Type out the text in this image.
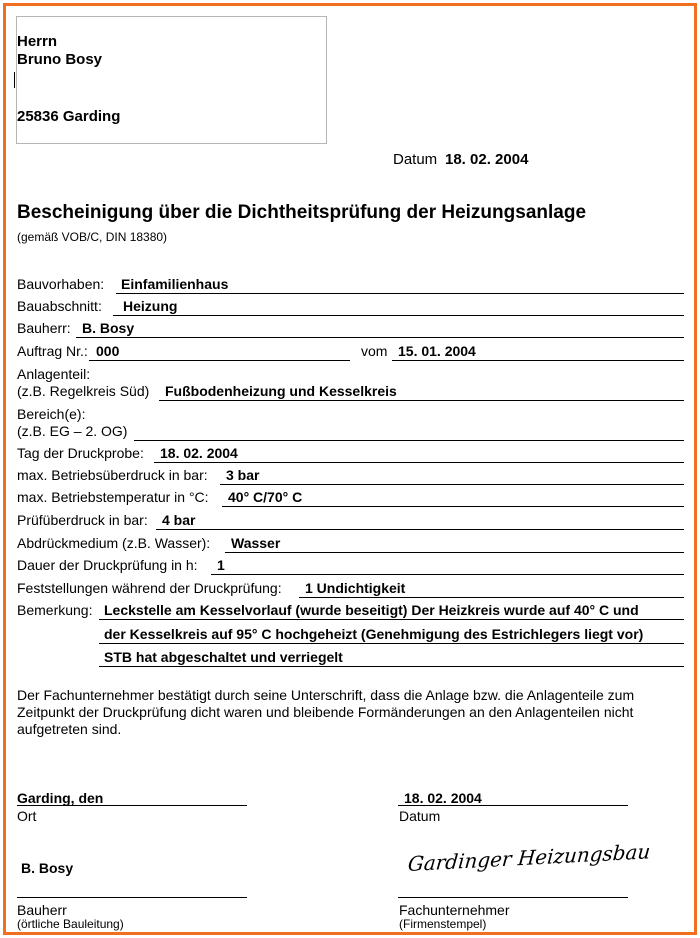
Herrn
Bruno Bosy
25836 Garding
Datum 18. 02. 2004
Bescheinigung über die Dichtheitsprüfung der Heizungsanlage
(gemäß VOB/C, DIN 18380)
Bauvorhaben: Einfamilienhaus
Bauabschnitt: Heizung
Bauherr: B. Bosy
Auftrag Nr.: 000	vom 15. 01. 2004
Anlagenteil:
(z.B. Regelkreis Süd) Fußbodenheizung und Kesselkreis
Bereich(e):
(z.B. EG – 2. OG)
Tag der Druckprobe: 18. 02. 2004
max. Betriebsüberdruck in bar: 3 bar
max. Betriebstemperatur in °C: 40° C/70° C
Prüfüberdruck in bar: 4 bar
Abdrückmedium (z.B. Wasser): Wasser
Dauer der Druckprüfung in h: 1
Feststellungen während der Druckprüfung: 1 Undichtigkeit
Bemerkung: Leckstelle am Kesselvorlauf (wurde beseitigt) Der Heizkreis wurde auf 40° C und
der Kesselkreis auf 95° C hochgeheizt (Genehmigung des Estrichlegers liegt vor)
STB hat abgeschaltet und verriegelt
Der Fachunternehmer bestätigt durch seine Unterschrift, dass die Anlage bzw. die Anlagenteile zum Zeitpunkt der Druckprüfung dicht waren und bleibende Formänderungen an den Anlagenteilen nicht aufgetreten sind.
Garding, den
Ort
18. 02. 2004
Datum
B. Bosy
Bauherr
(örtliche Bauleitung)
Gardinger Heizungsbau
Fachunternehmer
(Firmenstempel)
